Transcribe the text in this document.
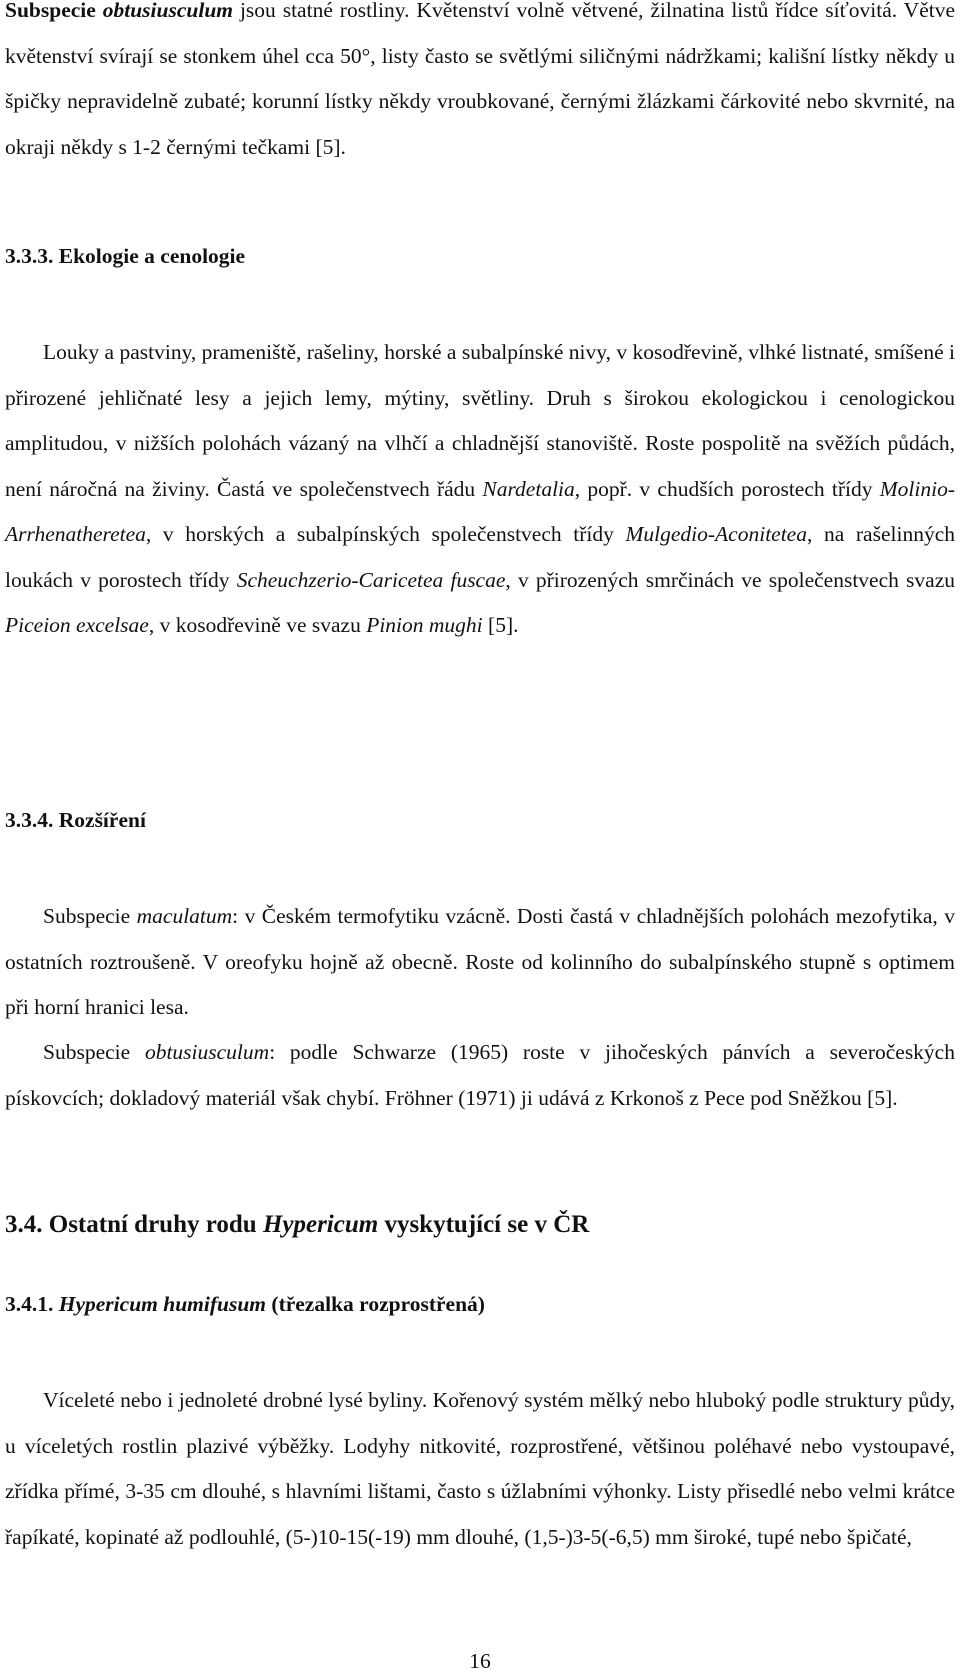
Subspecie obtusiusculum jsou statné rostliny. Květenství volně větvené, žilnatina listů řídce síťovitá. Větve květenství svírají se stonkem úhel cca 50°, listy často se světlými siličnými nádržkami; kališní lístky někdy u špičky nepravidelně zubaté; korunní lístky někdy vroubkované, černými žlázkami čárkovité nebo skvrnité, na okraji někdy s 1-2 černými tečkami [5].

3.3.3. Ekologie a cenologie

Louky a pastviny, prameniště, rašeliny, horské a subalpínské nivy, v kosodřevině, vlhké listnaté, smíšené i přirozené jehličnaté lesy a jejich lemy, mýtiny, světliny. Druh s širokou ekologickou i cenologickou amplitudou, v nižších polohách vázaný na vlhčí a chladnější stanoviště. Roste pospolitě na svěžích půdách, není náročná na živiny. Častá ve společenstvech řádu Nardetalia, popř. v chudších porostech třídy Molinio-Arrhenatheretea, v horských a subalpínských společenstvech třídy Mulgedio-Aconitetea, na rašelinných loukách v porostech třídy Scheuchzerio-Caricetea fuscae, v přirozených smrčinách ve společenstvech svazu Piceion excelsae, v kosodřevině ve svazu Pinion mughi [5].

3.3.4. Rozšíření

Subspecie maculatum: v Českém termofytiku vzácně. Dosti častá v chladnějších polohách mezofytika, v ostatních roztroušeně. V oreofyku hojně až obecně. Roste od kolinního do subalpínského stupně s optimem při horní hranici lesa.

Subspecie obtusiusculum: podle Schwarze (1965) roste v jihočeských pánvích a severočeských pískovcích; dokladový materiál však chybí. Fröhner (1971) ji udává z Krkonoš z Pece pod Sněžkou [5].

3.4. Ostatní druhy rodu Hypericum vyskytující se v ČR
3.4.1. Hypericum humifusum (třezalka rozprostřená)

Víceleté nebo i jednoleté drobné lysé byliny. Kořenový systém mělký nebo hluboký podle struktury půdy, u víceletých rostlin plazivé výběžky. Lodyhy nitkovité, rozprostřené, většinou poléhavé nebo vystoupavé, zřídka přímé, 3-35 cm dlouhé, s hlavními lištami, často s úžlabními výhonky. Listy přisedlé nebo velmi krátce řapíkaté, kopinaté až podlouhlé, (5-)10-15(-19) mm dlouhé, (1,5-)3-5(-6,5) mm široké, tupé nebo špičaté,

16
